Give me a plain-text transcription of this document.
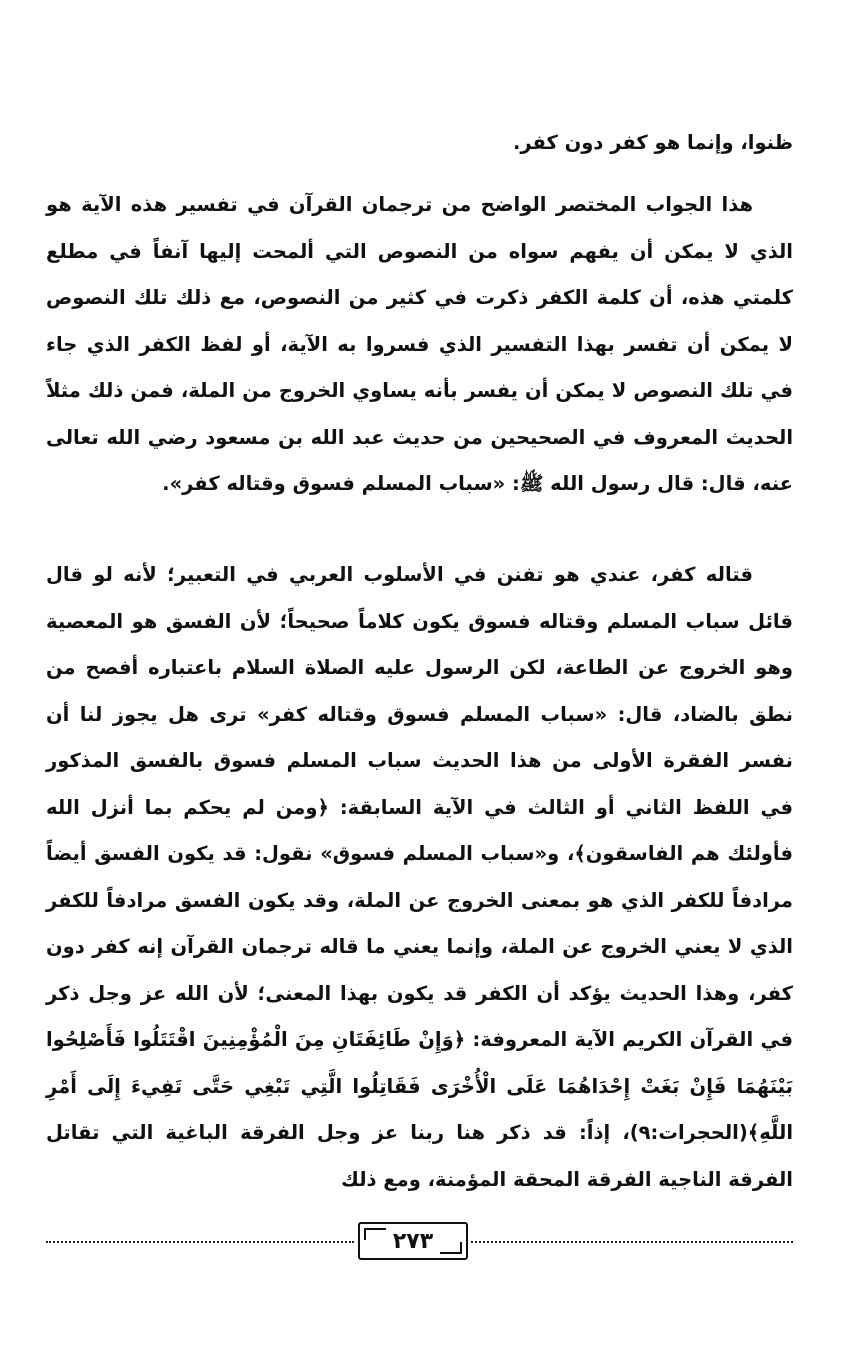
ظنوا، وإنما هو كفر دون كفر.

هذا الجواب المختصر الواضح من ترجمان القرآن في تفسير هذه الآية هو الذي لا يمكن أن يفهم سواه من النصوص التي ألمحت إليها آنفاً في مطلع كلمتي هذه، أن كلمة الكفر ذكرت في كثير من النصوص، مع ذلك تلك النصوص لا يمكن أن تفسر بهذا التفسير الذي فسروا به الآية، أو لفظ الكفر الذي جاء في تلك النصوص لا يمكن أن يفسر بأنه يساوي الخروج من الملة، فمن ذلك مثلاً الحديث المعروف في الصحيحين من حديث عبد الله بن مسعود رضي الله تعالى عنه، قال: قال رسول الله ﷺ: «سباب المسلم فسوق وقتاله كفر».

قتاله كفر، عندي هو تفنن في الأسلوب العربي في التعبير؛ لأنه لو قال قائل سباب المسلم وقتاله فسوق يكون كلاماً صحيحاً؛ لأن الفسق هو المعصية وهو الخروج عن الطاعة، لكن الرسول عليه الصلاة السلام باعتباره أفصح من نطق بالضاد، قال: «سباب المسلم فسوق وقتاله كفر» ترى هل يجوز لنا أن نفسر الفقرة الأولى من هذا الحديث سباب المسلم فسوق بالفسق المذكور في اللفظ الثاني أو الثالث في الآية السابقة: ﴿ومن لم يحكم بما أنزل الله فأولئك هم الفاسقون﴾، و«سباب المسلم فسوق» نقول: قد يكون الفسق أيضاً مرادفاً للكفر الذي هو بمعنى الخروج عن الملة، وقد يكون الفسق مرادفاً للكفر الذي لا يعني الخروج عن الملة، وإنما يعني ما قاله ترجمان القرآن إنه كفر دون كفر، وهذا الحديث يؤكد أن الكفر قد يكون بهذا المعنى؛ لأن الله عز وجل ذكر في القرآن الكريم الآية المعروفة: ﴿وَإِنْ طَائِفَتَانِ مِنَ الْمُؤْمِنِينَ اقْتَتَلُوا فَأَصْلِحُوا بَيْنَهُمَا فَإِنْ بَغَتْ إِحْدَاهُمَا عَلَى الْأُخْرَى فَقَاتِلُوا الَّتِي تَبْغِي حَتَّى تَفِيءَ إِلَى أَمْرِ اللَّهِ﴾(الحجرات:٩)، إذاً: قد ذكر هنا ربنا عز وجل الفرقة الباغية التي تقاتل الفرقة الناجية الفرقة المحقة المؤمنة، ومع ذلك

٢٧٣
